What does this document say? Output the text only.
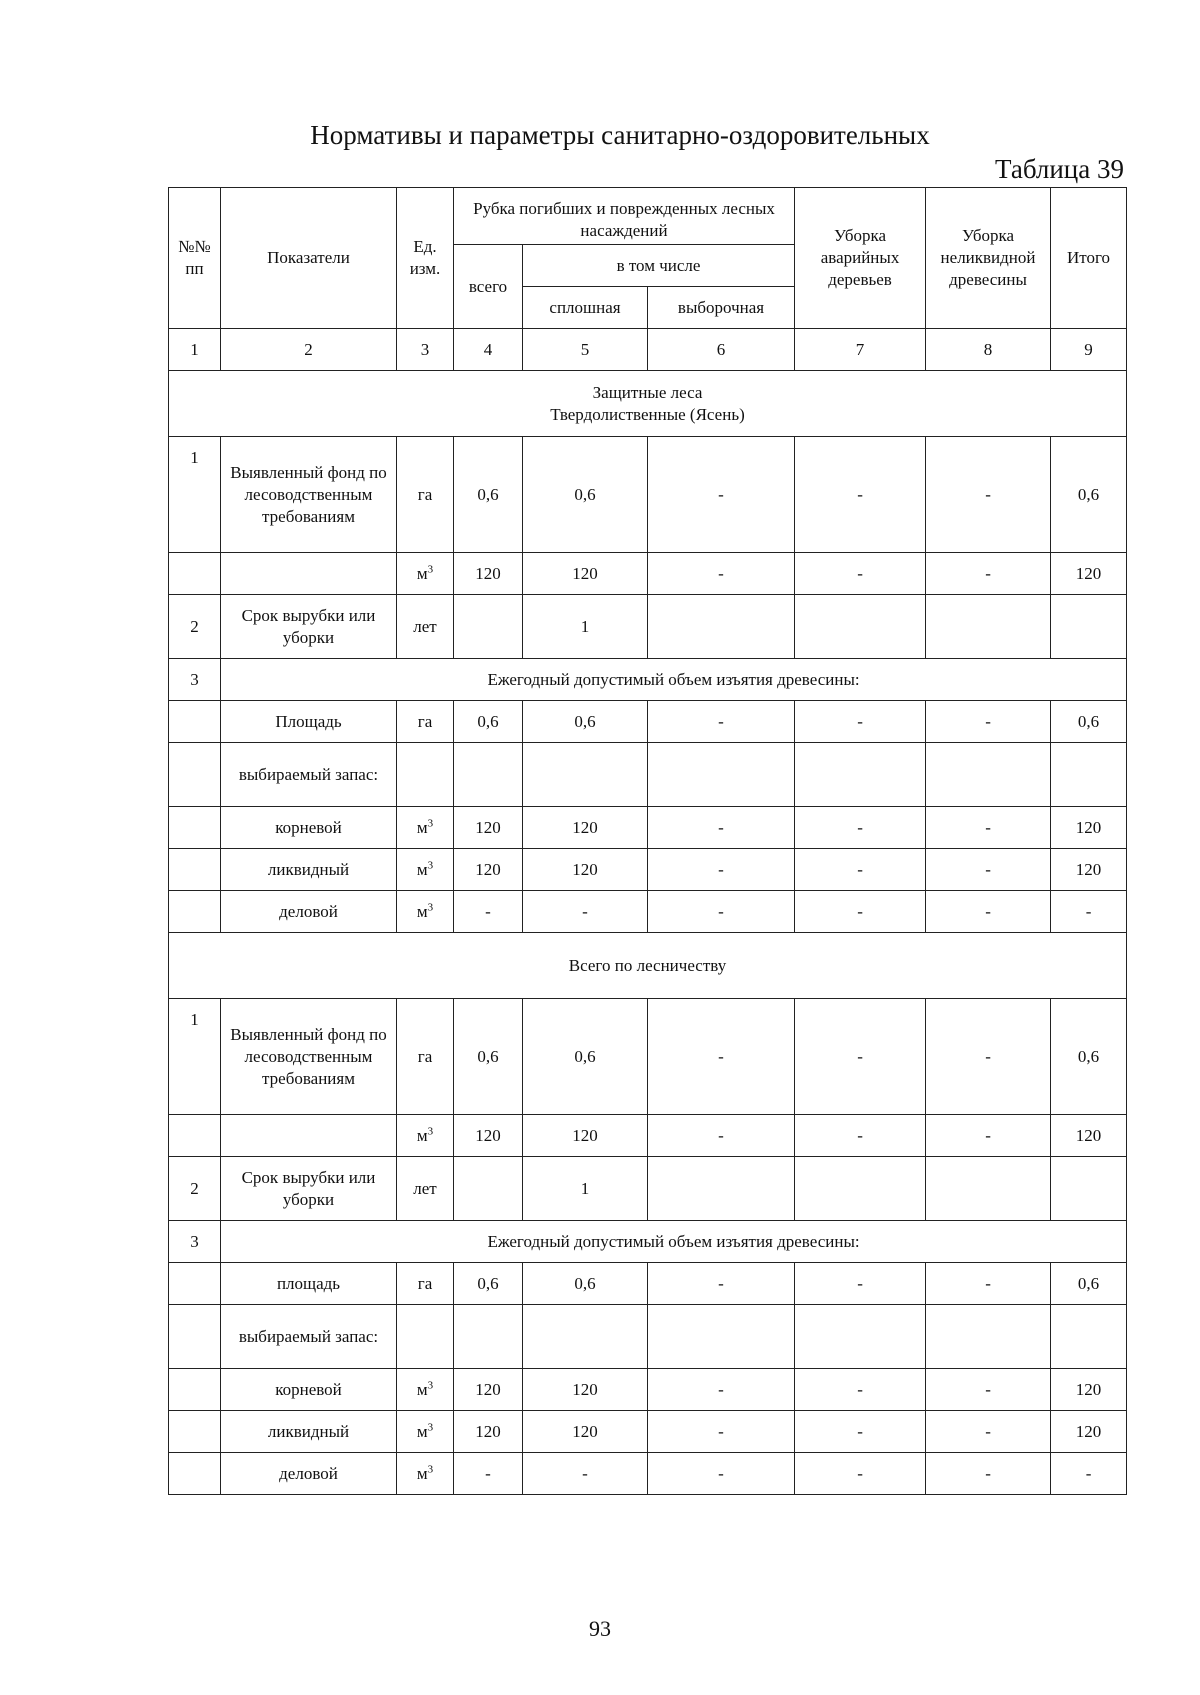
Нормативы и параметры санитарно-оздоровительных
Таблица 39
№№ пп	Показатели	Ед. изм.	Рубка погибших и поврежденных лесных насаждений			Уборка аварийных деревьев	Уборка неликвидной древесины	Итого
			всего	в том числе				
				сплошная	выборочная			
1	2	3	4	5	6	7	8	9

Защитные леса
Твердолиственные (Ясень)								

1	Выявленный фонд по лесоводственным требованиям	га	0,6	0,6	-	-	-	0,6
		$м^3$	120	120	-	-	-	120
2	Срок вырубки или уборки	лет		1				
3	Ежегодный допустимый объем изъятия древесины:							
	Площадь	га	0,6	0,6	-	-	-	0,6
	выбираемый запас:							
	корневой	$м^3$	120	120	-	-	-	120
	ликвидный	$м^3$	120	120	-	-	-	120
	деловой	$м^3$	-	-	-	-	-	-

Всего по лесничеству								

1	Выявленный фонд по лесоводственным требованиям	га	0,6	0,6	-	-	-	0,6
		$м^3$	120	120	-	-	-	120
2	Срок вырубки или уборки	лет		1				
3	Ежегодный допустимый объем изъятия древесины:							
	площадь	га	0,6	0,6	-	-	-	0,6
	выбираемый запас:							
	корневой	$м^3$	120	120	-	-	-	120
	ликвидный	$м^3$	120	120	-	-	-	120
	деловой	$м^3$	-	-	-	-	-	-
93
